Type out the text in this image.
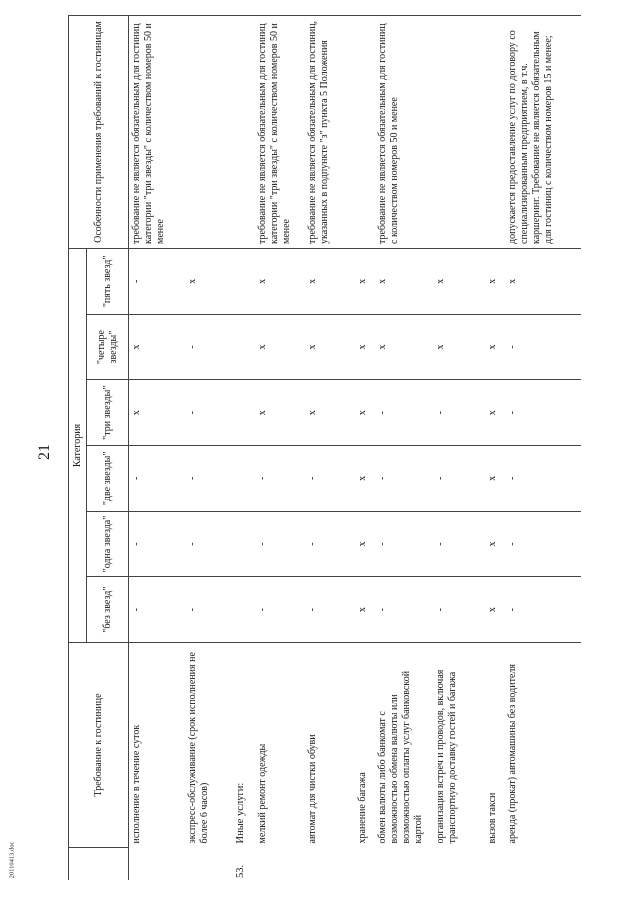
21
20110413.doc
	Требование к гостинице	Категория						Особенности применения требований к гостиницам
		"без звезд"	"одна звезда"	"две звезды"	"три звезды"	"четыре звезды"	"пять звезд"	
	исполнение в течение суток	-	-	-	x	x	-	требование не является обязательным для гостиниц категории "три звезды" с количеством номеров 50 и менее
	экспресс-обслуживание (срок исполнения не более 6 часов)	-	-	-	-	-	x	
53.	Иные услуги:							
	мелкий ремонт одежды	-	-	-	x	x	x	требование не является обязательным для гостиниц категории "три звезды" с количеством номеров 50 и менее
	автомат для чистки обуви	-	-	-	x	x	x	требование не является обязательным для гостиниц, указанных в подпункте "з" пункта 5 Положения
	хранение багажа	x	x	x	x	x	x	
	обмен валюты либо банкомат с возможностью обмена валюты или возможностью оплаты услуг банковской картой	-	-	-	-	x	x	требование не является обязательным для гостиниц с количеством номеров 50 и менее
	организация встреч и проводов, включая транспортную доставку гостей и багажа	-	-	-	-	x	x	
	вызов такси	x	x	x	x	x	x	
	аренда (прокат) автомашины без водителя	-	-	-	-	-	x	допускается предоставление услуг по договору со специализированным предприятием, в т.ч. каршеринг. Требование не является обязательным для гостиниц с количеством номеров 15 и менее;
